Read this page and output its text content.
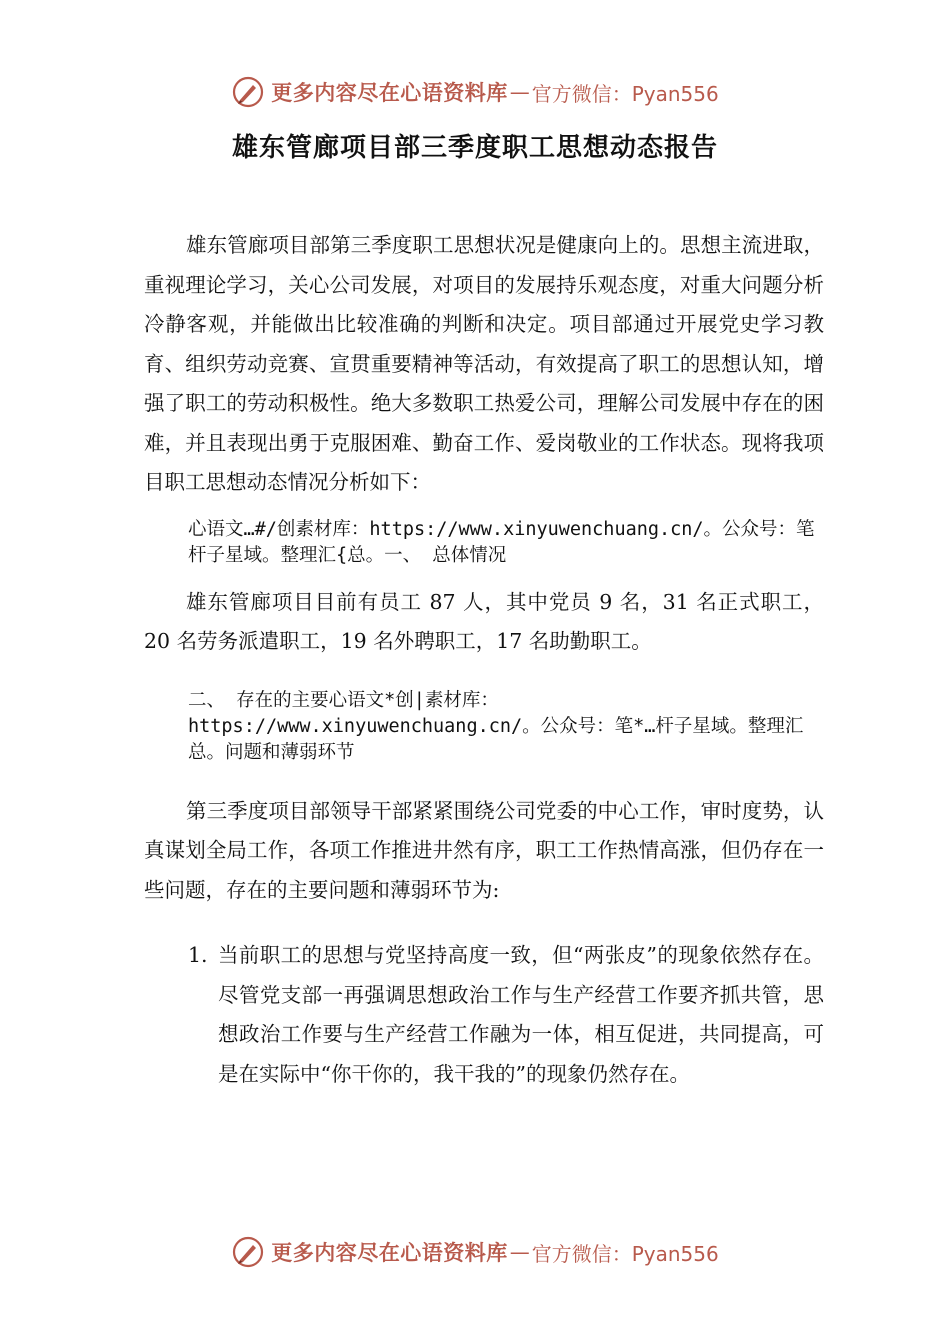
更多内容尽在心语资料库 — 官方微信：Pyan556
雄东管廊项目部三季度职工思想动态报告

雄东管廊项目部第三季度职工思想状况是健康向上的。思想主流进取，重视理论学习，关心公司发展，对项目的发展持乐观态度，对重大问题分析冷静客观，并能做出比较准确的判断和决定。项目部通过开展党史学习教育、组织劳动竞赛、宣贯重要精神等活动，有效提高了职工的思想认知，增强了职工的劳动积极性。绝大多数职工热爱公司，理解公司发展中存在的困难，并且表现出勇于克服困难、勤奋工作、爱岗敬业的工作状态。现将我项目职工思想动态情况分析如下：

心语文…#/创素材库：https://www.xinyuwenchuang.cn/。公众号：笔杆子星域。整理汇{总。一、 总体情况

雄东管廊项目目前有员工 87 人，其中党员 9 名，31 名正式职工， 20 名劳务派遣职工，19 名外聘职工，17 名助勤职工。

二、 存在的主要心语文*创|素材库：https://www.xinyuwenchuang.cn/。公众号：笔*…杆子星域。整理汇总。问题和薄弱环节

第三季度项目部领导干部紧紧围绕公司党委的中心工作，审时度势，认真谋划全局工作，各项工作推进井然有序，职工工作热情高涨，但仍存在一些问题，存在的主要问题和薄弱环节为:

1. 当前职工的思想与党坚持高度一致，但“两张皮”的现象依然存在。尽管党支部一再强调思想政治工作与生产经营工作要齐抓共管，思想政治工作要与生产经营工作融为一体，相互促进，共同提高，可是在实际中“你干你的，我干我的”的现象仍然存在。
更多内容尽在心语资料库 — 官方微信：Pyan556
